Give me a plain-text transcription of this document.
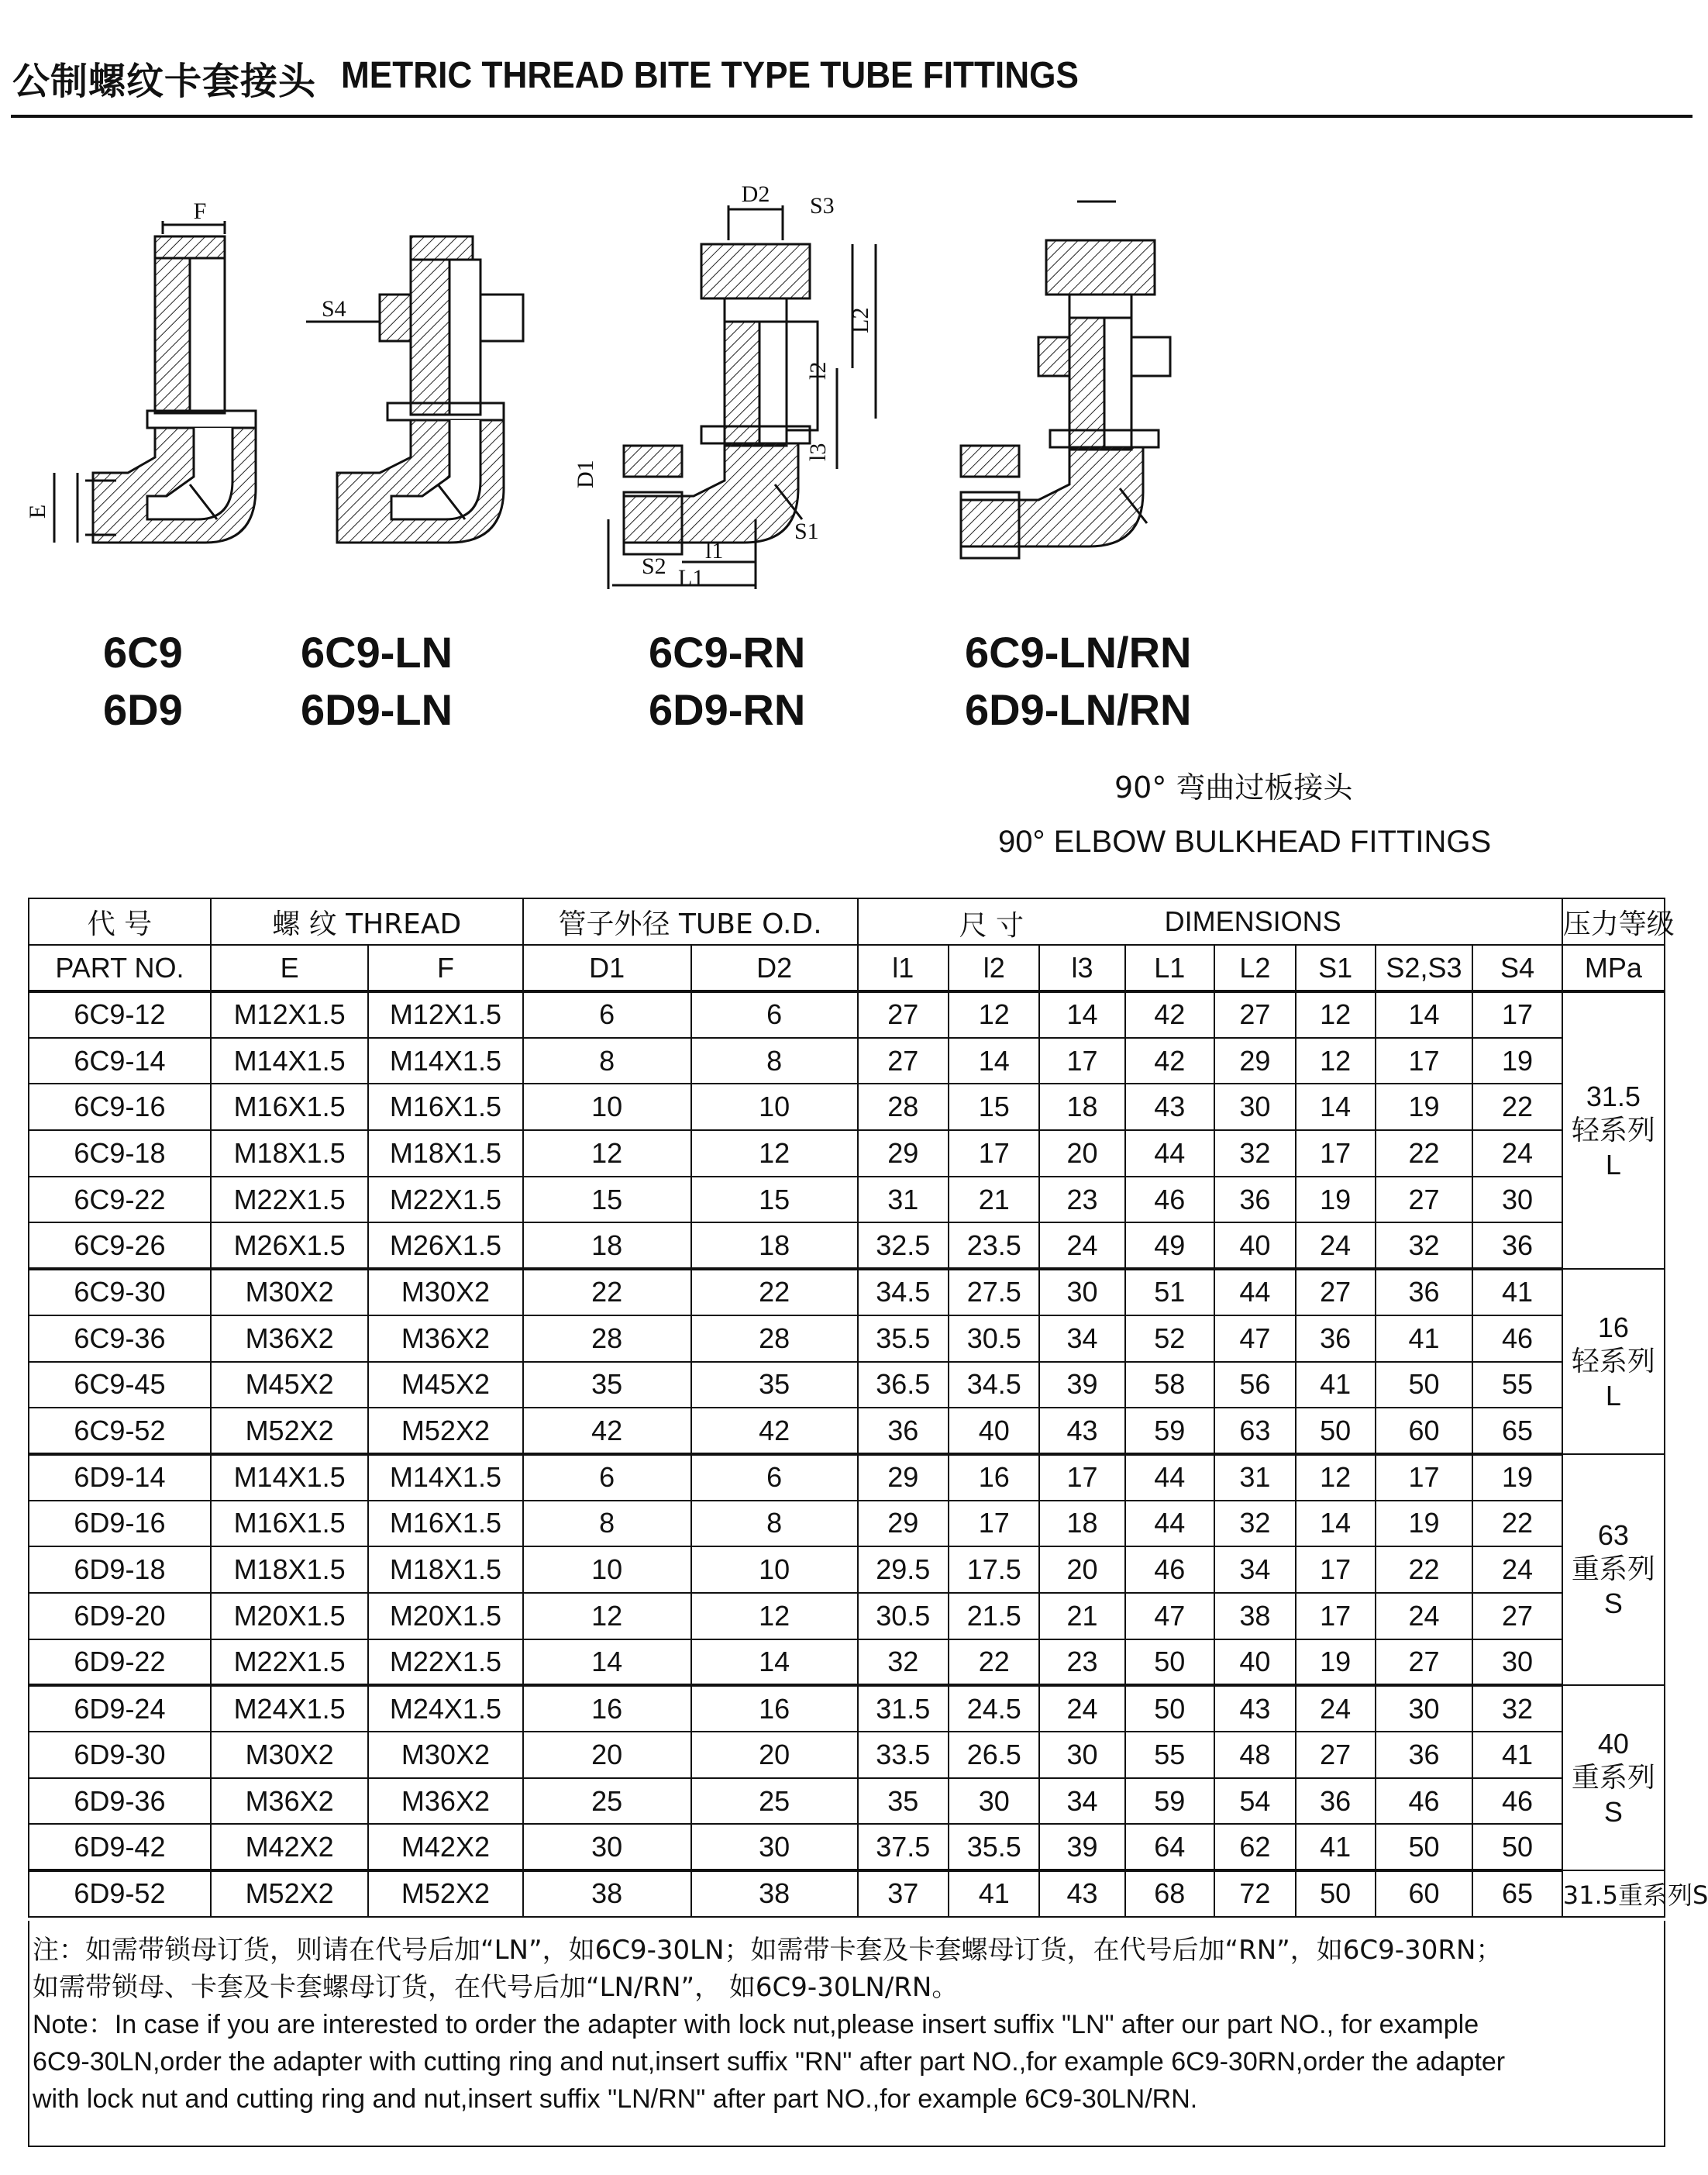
公制螺纹卡套接头 METRIC THREAD BITE TYPE TUBE FITTINGS
F
E
S4
D2 S3
L2
l2
l3
D1
S1
l1
S2 L1
6C9
6D9
6C9-LN
6D9-LN
6C9-RN
6D9-RN
6C9-LN/RN
6D9-LN/RN
90° 弯曲过板接头
90° ELBOW BULKHEAD FITTINGS
代 号	螺 纹 THREAD		管子外径 TUBE O.D.		尺 寸 DIMENSIONS								压力等级
PART NO.	E	F	D1	D2	l1	l2	l3	L1	L2	S1	S2,S3	S4	MPa
6C9-12	M12X1.5	M12X1.5	6	6	27	12	14	42	27	12	14	17	31.5
轻系列
L

6C9-14	M14X1.5	M14X1.5	8	8	27	14	17	42	29	12	17	19	
6C9-16	M16X1.5	M16X1.5	10	10	28	15	18	43	30	14	19	22	
6C9-18	M18X1.5	M18X1.5	12	12	29	17	20	44	32	17	22	24	
6C9-22	M22X1.5	M22X1.5	15	15	31	21	23	46	36	19	27	30	
6C9-26	M26X1.5	M26X1.5	18	18	32.5	23.5	24	49	40	24	32	36	
6C9-30	M30X2	M30X2	22	22	34.5	27.5	30	51	44	27	36	41	16
轻系列
L

6C9-36	M36X2	M36X2	28	28	35.5	30.5	34	52	47	36	41	46	
6C9-45	M45X2	M45X2	35	35	36.5	34.5	39	58	56	41	50	55	
6C9-52	M52X2	M52X2	42	42	36	40	43	59	63	50	60	65	
6D9-14	M14X1.5	M14X1.5	6	6	29	16	17	44	31	12	17	19	63
重系列
S

6D9-16	M16X1.5	M16X1.5	8	8	29	17	18	44	32	14	19	22	
6D9-18	M18X1.5	M18X1.5	10	10	29.5	17.5	20	46	34	17	22	24	
6D9-20	M20X1.5	M20X1.5	12	12	30.5	21.5	21	47	38	17	24	27	
6D9-22	M22X1.5	M22X1.5	14	14	32	22	23	50	40	19	27	30	
6D9-24	M24X1.5	M24X1.5	16	16	31.5	24.5	24	50	43	24	30	32	40
重系列
S

6D9-30	M30X2	M30X2	20	20	33.5	26.5	30	55	48	27	36	41	
6D9-36	M36X2	M36X2	25	25	35	30	34	59	54	36	46	46	
6D9-42	M42X2	M42X2	30	30	37.5	35.5	39	64	62	41	50	50	
6D9-52	M52X2	M52X2	38	38	37	41	43	68	72	50	60	65	31.5重系列S
注：如需带锁母订货，则请在代号后加“LN”，如6C9-30LN；如需带卡套及卡套螺母订货，在代号后加“RN”，如6C9-30RN；
如需带锁母、卡套及卡套螺母订货，在代号后加“LN/RN”， 如6C9-30LN/RN。
Note：In case if you are interested to order the adapter with lock nut,please insert suffix "LN" after our part NO., for example
6C9-30LN,order the adapter with cutting ring and nut,insert suffix "RN" after part NO.,for example 6C9-30RN,order the adapter
with lock nut and cutting ring and nut,insert suffix "LN/RN" after part NO.,for example 6C9-30LN/RN.
